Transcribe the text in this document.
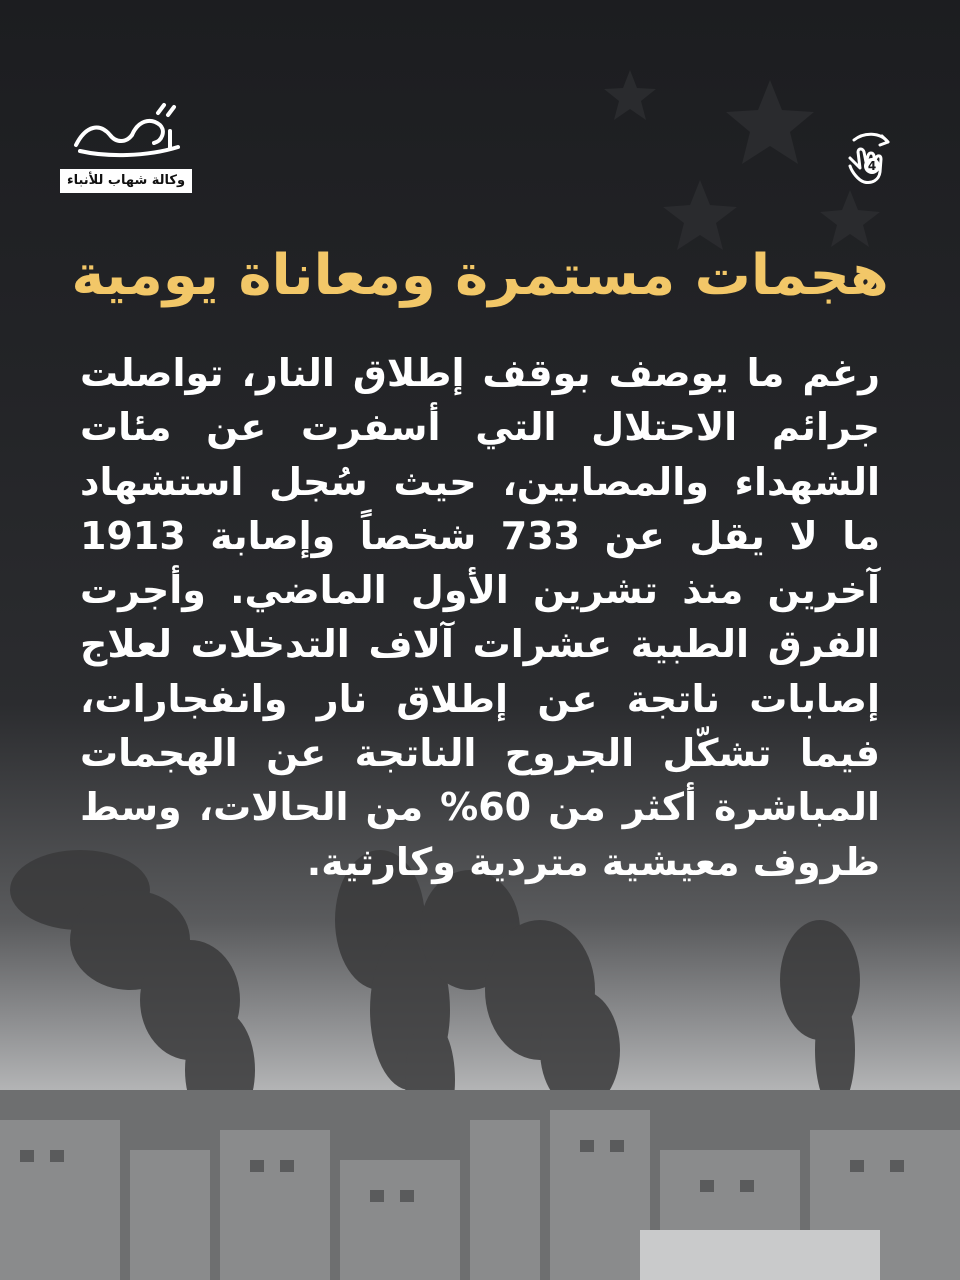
وكالة شهاب للأنباء
4
هجمات مستمرة ومعاناة يومية
رغم ما يوصف بوقف إطلاق النار، تواصلت جرائم الاحتلال التي أسفرت عن مئات الشهداء والمصابين، حيث سُجل استشهاد ما لا يقل عن 733 شخصاً وإصابة 1913 آخرين منذ تشرين الأول الماضي. وأجرت الفرق الطبية عشرات آلاف التدخلات لعلاج إصابات ناتجة عن إطلاق نار وانفجارات، فيما تشكّل الجروح الناتجة عن الهجمات المباشرة أكثر من 60% من الحالات، وسط ظروف معيشية متردية وكارثية.
